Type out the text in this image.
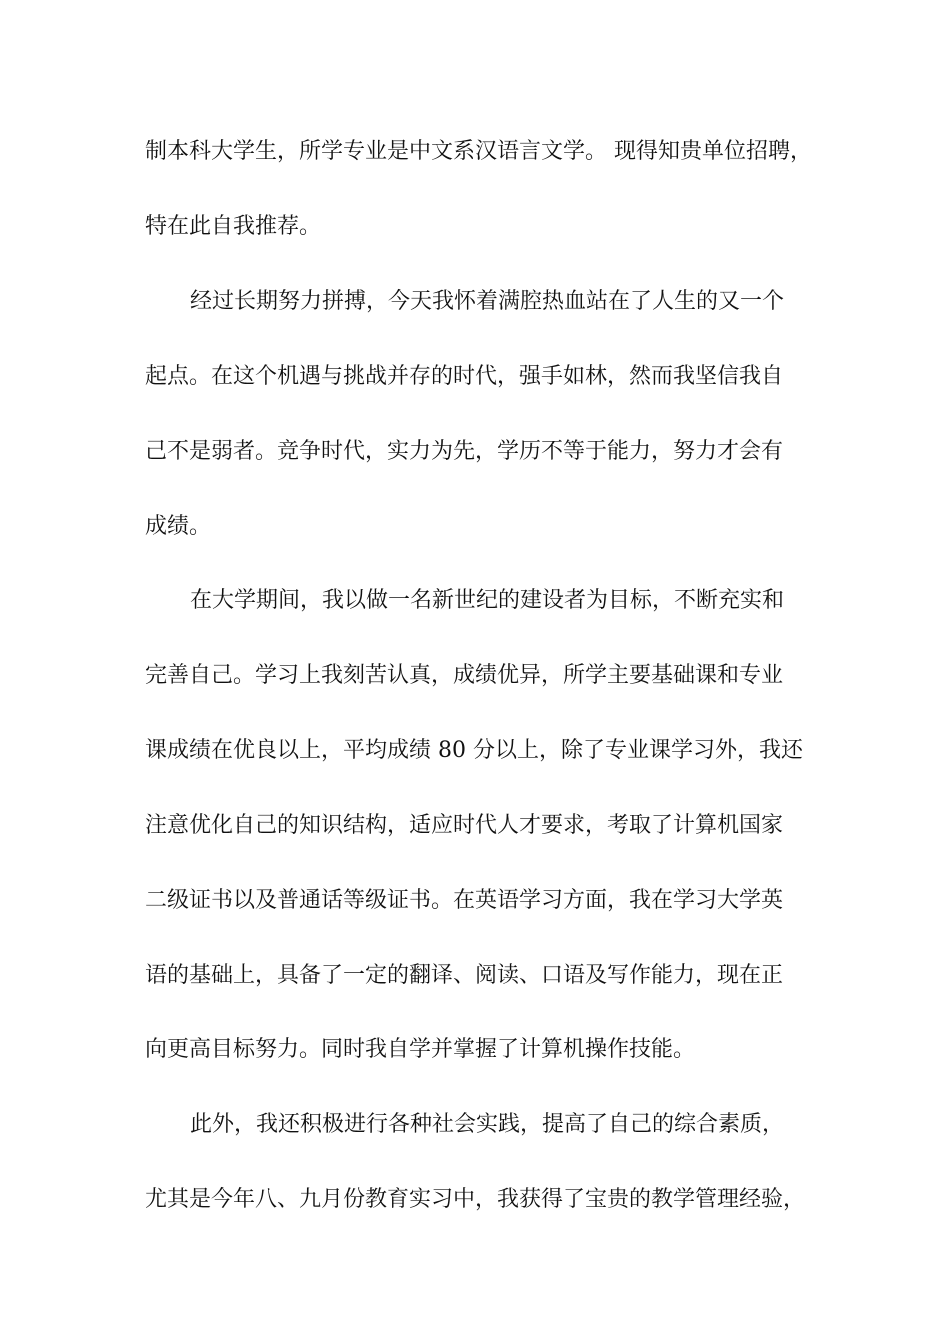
制本科大学生，所学专业是中文系汉语言文学。 现得知贵单位招聘，

特在此自我推荐。

经过长期努力拼搏，今天我怀着满腔热血站在了人生的又一个

起点。在这个机遇与挑战并存的时代，强手如林，然而我坚信我自

己不是弱者。竞争时代，实力为先，学历不等于能力，努力才会有

成绩。

在大学期间，我以做一名新世纪的建设者为目标，不断充实和

完善自己。学习上我刻苦认真，成绩优异，所学主要基础课和专业

课成绩在优良以上，平均成绩 80 分以上，除了专业课学习外，我还

注意优化自己的知识结构，适应时代人才要求，考取了计算机国家

二级证书以及普通话等级证书。在英语学习方面，我在学习大学英

语的基础上，具备了一定的翻译、阅读、口语及写作能力，现在正

向更高目标努力。同时我自学并掌握了计算机操作技能。

此外，我还积极进行各种社会实践，提高了自己的综合素质，

尤其是今年八、九月份教育实习中，我获得了宝贵的教学管理经验，
